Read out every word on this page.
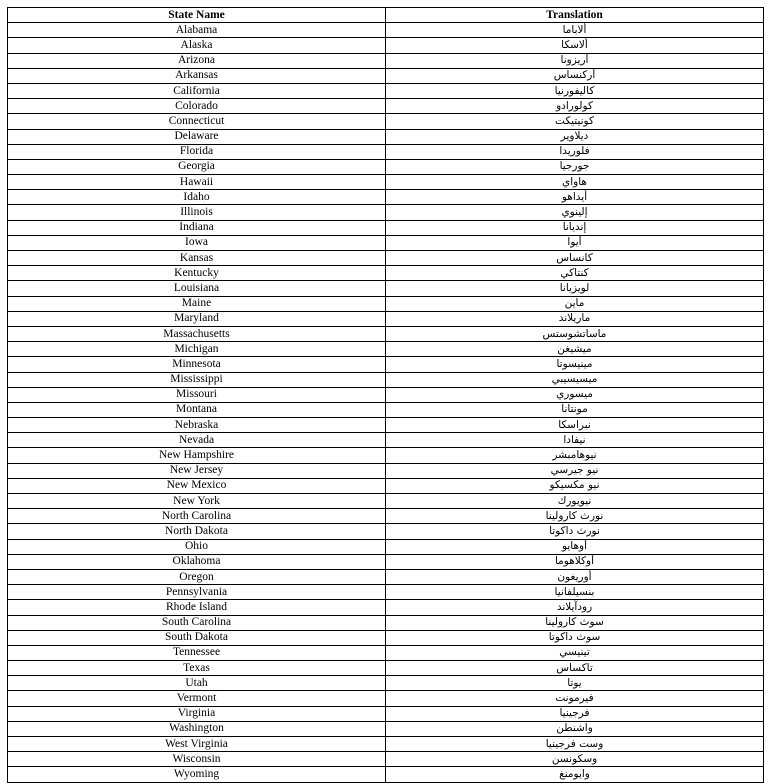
State Name	Translation
Alabama	ألاباما
Alaska	ألاسكا
Arizona	أريزونا
Arkansas	أركنساس
California	كاليفورنيا
Colorado	كولورادو
Connecticut	كونيتيكت
Delaware	ديلاوير
Florida	فلوريدا
Georgia	جورجيا
Hawaii	هاواي
Idaho	أيداهو
Illinois	إلينوي
Indiana	إنديانا
Iowa	أيوا
Kansas	كانساس
Kentucky	كنتاكي
Louisiana	لويزيانا
Maine	ماين
Maryland	ماريلاند
Massachusetts	ماساتشوستس
Michigan	ميشيغن
Minnesota	مينيسوتا
Mississippi	ميسيسيبي
Missouri	ميسوري
Montana	مونتانا
Nebraska	نبراسكا
Nevada	نيفادا
New Hampshire	نيوهامبشر
New Jersey	نيو جيرسي
New Mexico	نيو مكسيكو
New York	نيويورك
North Carolina	نورث كارولينا
North Dakota	نورث داكوتا
Ohio	أوهايو
Oklahoma	أوكلاهوما
Oregon	أوريغون
Pennsylvania	بنسيلفانيا
Rhode Island	رودآيلاند
South Carolina	سوث كارولينا
South Dakota	سوث داكوتا
Tennessee	تينيسي
Texas	تاكساس
Utah	يوتا
Vermont	فيرمونت
Virginia	فرجينيا
Washington	واشنطن
West Virginia	وست فرجينيا
Wisconsin	وسكونسن
Wyoming	وايومنغ
